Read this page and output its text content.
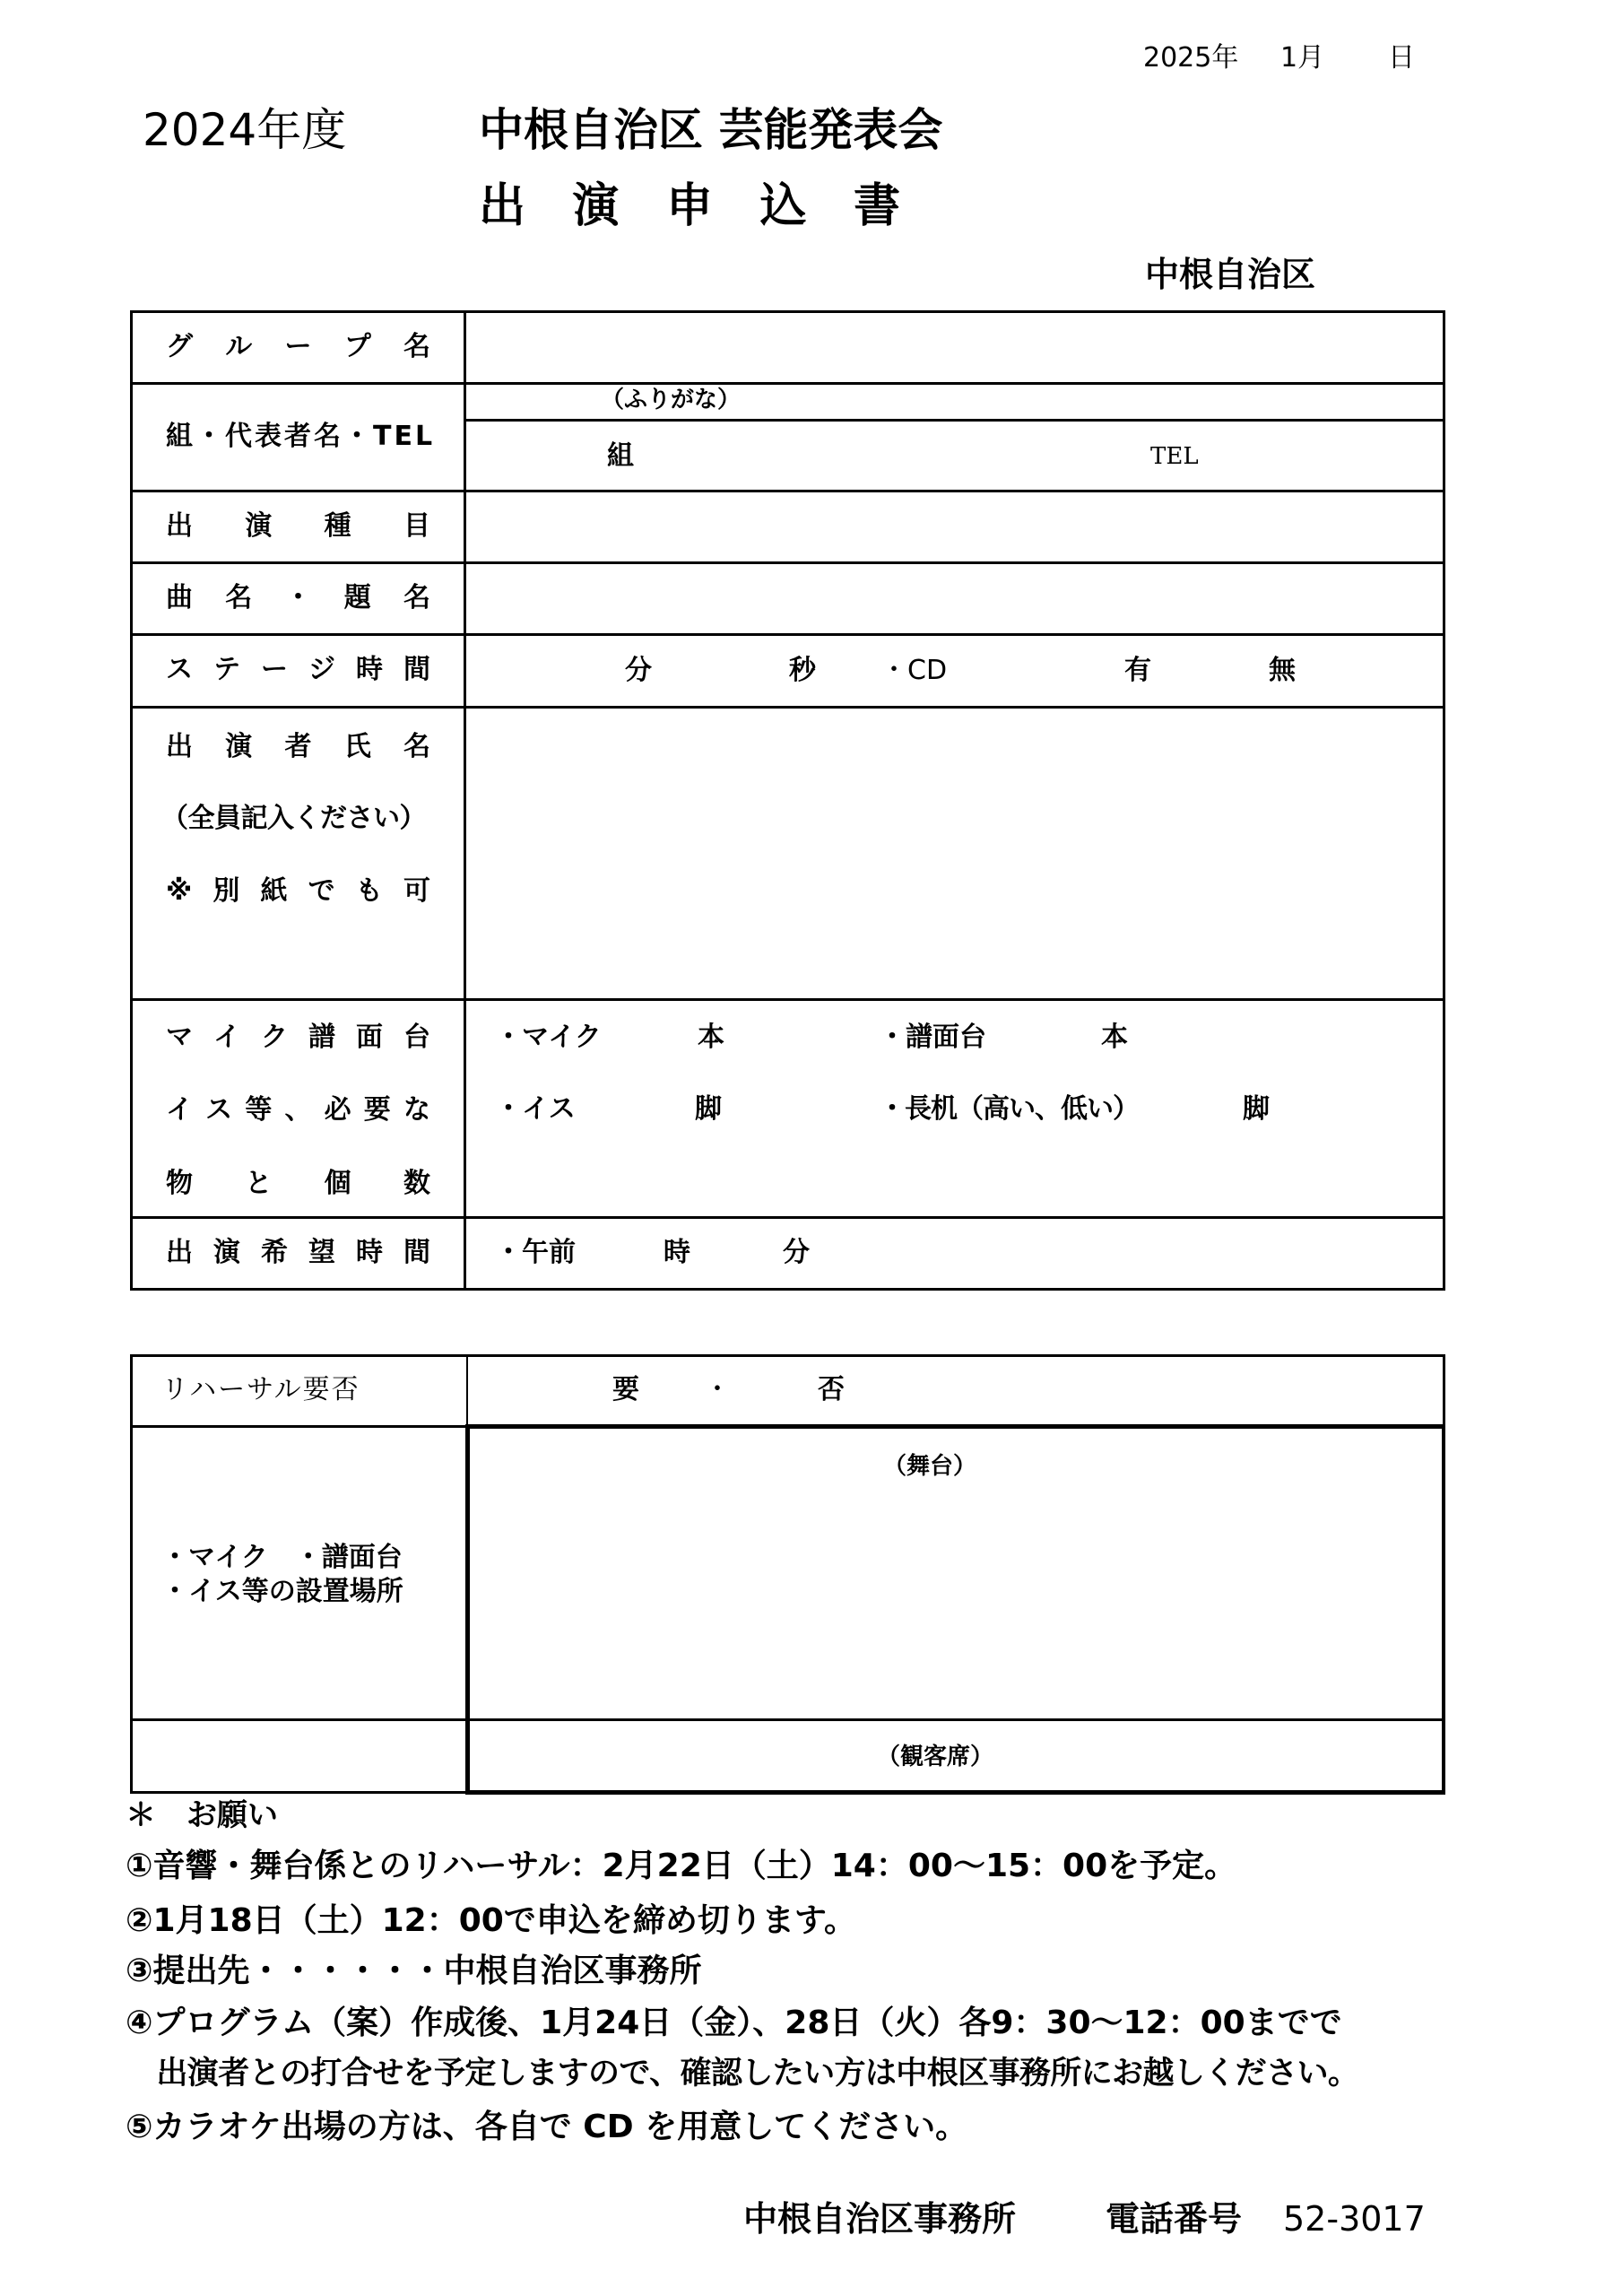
2025年 1月 日
2024年度	中根自治区 芸能発表会
出 演 申 込 書
中根自治区
グ ル ー プ 名
組・代表者名・TEL
（ふりがな）
組	TEL
出 演 種 目
曲 名 ・ 題 名
ス テ ー ジ 時 間	分	秒 ・CD	有	無
出 演 者 氏 名
（全員記入ください）
※ 別 紙 で も 可
マ イ ク 譜 面 台
イ ス 等 、 必 要 な
物 と 個 数
・マイク	本	・譜面台	本
・イス	脚	・長机（高い、低い）	脚
出 演 希 望 時 間 ・午前	時	分
リハーサル要否	要 ・	否
・マイク　・譜面台
・イス等の設置場所
（舞台）
（観客席）
＊　お願い
①音響・舞台係とのリハーサル：2月22日（土）14：00～15：00を予定。
②1月18日（土）12：00で申込を締め切ります。
③提出先・・・・・・中根自治区事務所
④プログラム（案）作成後、1月24日（金）、28日（火）各9：30～12：00までで
　出演者との打合せを予定しますので、確認したい方は中根区事務所にお越しください。
⑤カラオケ出場の方は、各自で CD を用意してください。
中根自治区事務所	電話番号 52-3017
